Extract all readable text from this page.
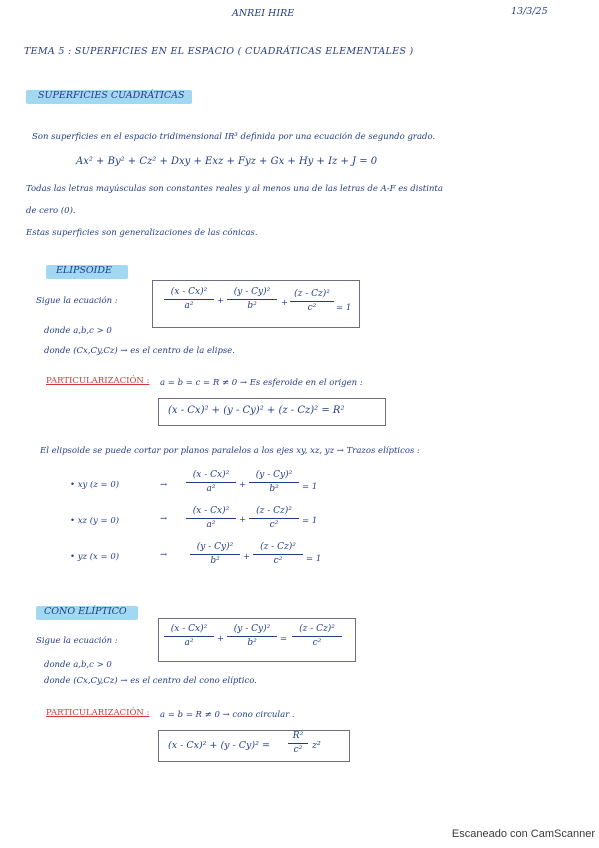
ANREI HIRE	13/3/25
TEMA 5 : SUPERFICIES EN EL ESPACIO ( CUADRÁTICAS ELEMENTALES )
SUPERFICIES CUADRÁTICAS
Son superficies en el espacio tridimensional IR³ definida por una ecuación de segundo grado.
Ax² + By² + Cz² + Dxy + Exz + Fyz + Gx + Hy + Iz + J = 0
Todas las letras mayúsculas son constantes reales y al menos una de las letras de A-F es distinta
de cero (0).
Estas superficies son generalizaciones de las cónicas.
ELIPSOIDE
Sigue la ecuación :
(x - Cx)²
a²	+
(y - Cy)²
b²	+
(z - Cz)²
c²	= 1
donde a,b,c > 0
donde (Cx,Cy,Cz) → es el centro de la elipse.
PARTICULARIZACIÓN : a = b = c = R ≠ 0 → Es esferoide en el origen :
(x - Cx)² + (y - Cy)² + (z - Cz)² = R²
El elipsoide se puede cortar por planos paralelos a los ejes xy, xz, yz → Trazos elípticos :
• xy (z = 0)	→
(x - Cx)²
a²	+
(y - Cy)²
b²	= 1
• xz (y = 0)	→
(x - Cx)²
a²	+
(z - Cz)²
c²	= 1
• yz (x = 0)	→
(y - Cy)²
b²	+
(z - Cz)²
c²	= 1
CONO ELÍPTICO
Sigue la ecuación :
(x - Cx)²
a²	+
(y - Cy)²
b²	=
(z - Cz)²
c²
donde a,b,c > 0
donde (Cx,Cy,Cz) → es el centro del cono elíptico.
PARTICULARIZACIÓN : a = b = R ≠ 0 → cono circular .
(x - Cx)² + (y - Cy)² =
R²
c²	z²
Escaneado con CamScanner
